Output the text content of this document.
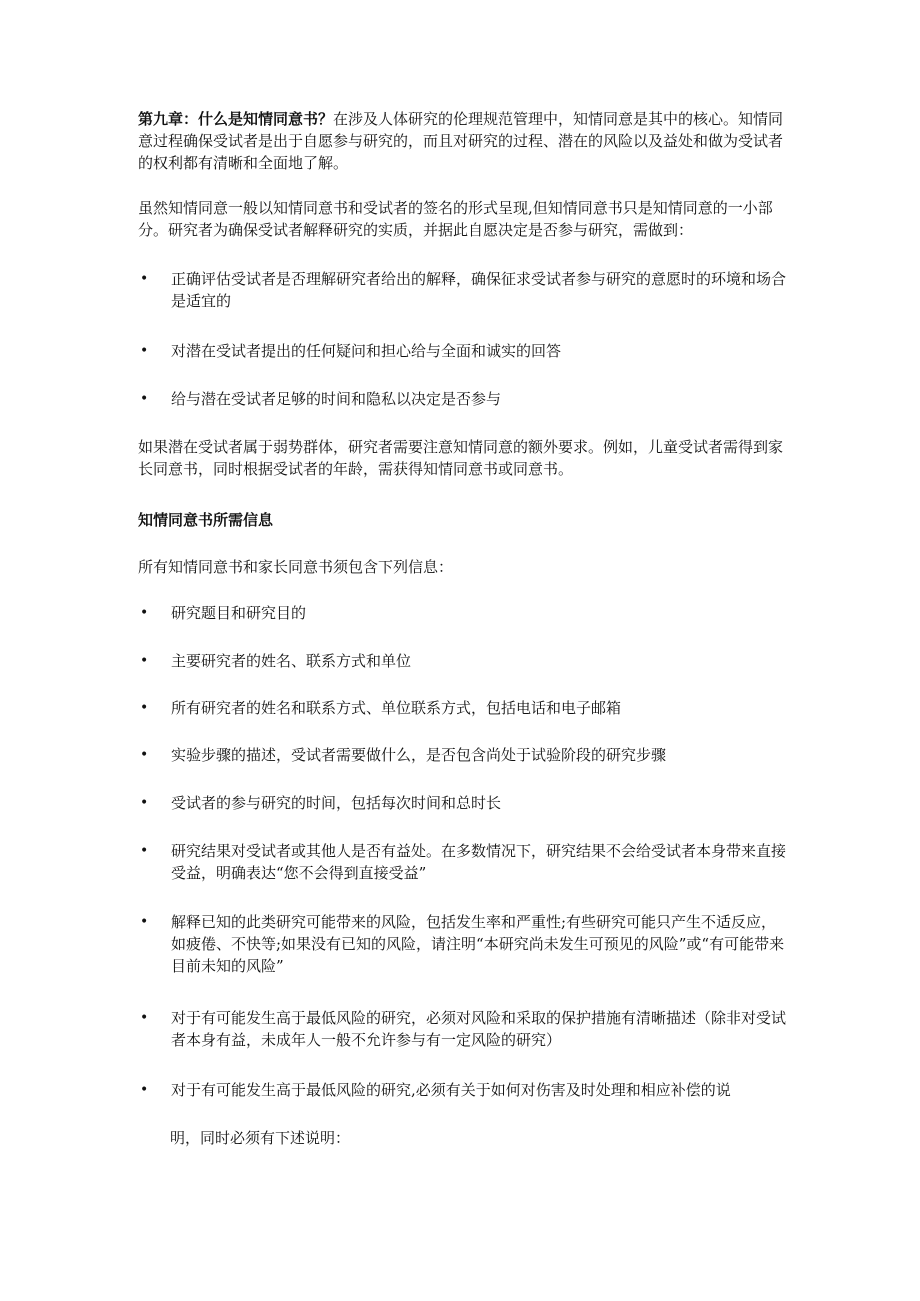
第九章：什么是知情同意书？在涉及人体研究的伦理规范管理中，知情同意是其中的核心。知情同意过程确保受试者是出于自愿参与研究的，而且对研究的过程、潜在的风险以及益处和做为受试者的权利都有清晰和全面地了解。

虽然知情同意一般以知情同意书和受试者的签名的形式呈现,但知情同意书只是知情同意的一小部分。研究者为确保受试者解释研究的实质，并据此自愿决定是否参与研究，需做到：

• 正确评估受试者是否理解研究者给出的解释，确保征求受试者参与研究的意愿时的环境和场合是适宜的
• 对潜在受试者提出的任何疑问和担心给与全面和诚实的回答
• 给与潜在受试者足够的时间和隐私以决定是否参与

如果潜在受试者属于弱势群体，研究者需要注意知情同意的额外要求。例如，儿童受试者需得到家长同意书，同时根据受试者的年龄，需获得知情同意书或同意书。

知情同意书所需信息

所有知情同意书和家长同意书须包含下列信息：

• 研究题目和研究目的
• 主要研究者的姓名、联系方式和单位
• 所有研究者的姓名和联系方式、单位联系方式，包括电话和电子邮箱
• 实验步骤的描述，受试者需要做什么，是否包含尚处于试验阶段的研究步骤
• 受试者的参与研究的时间，包括每次时间和总时长
• 研究结果对受试者或其他人是否有益处。在多数情况下，研究结果不会给受试者本身带来直接受益，明确表达“您不会得到直接受益”
• 解释已知的此类研究可能带来的风险，包括发生率和严重性;有些研究可能只产生不适反应，如疲倦、不快等;如果没有已知的风险，请注明“本研究尚未发生可预见的风险”或“有可能带来目前未知的风险”
• 对于有可能发生高于最低风险的研究，必须对风险和采取的保护措施有清晰描述（除非对受试者本身有益，未成年人一般不允许参与有一定风险的研究）
• 对于有可能发生高于最低风险的研究,必须有关于如何对伤害及时处理和相应补偿的说
明，同时必须有下述说明：
